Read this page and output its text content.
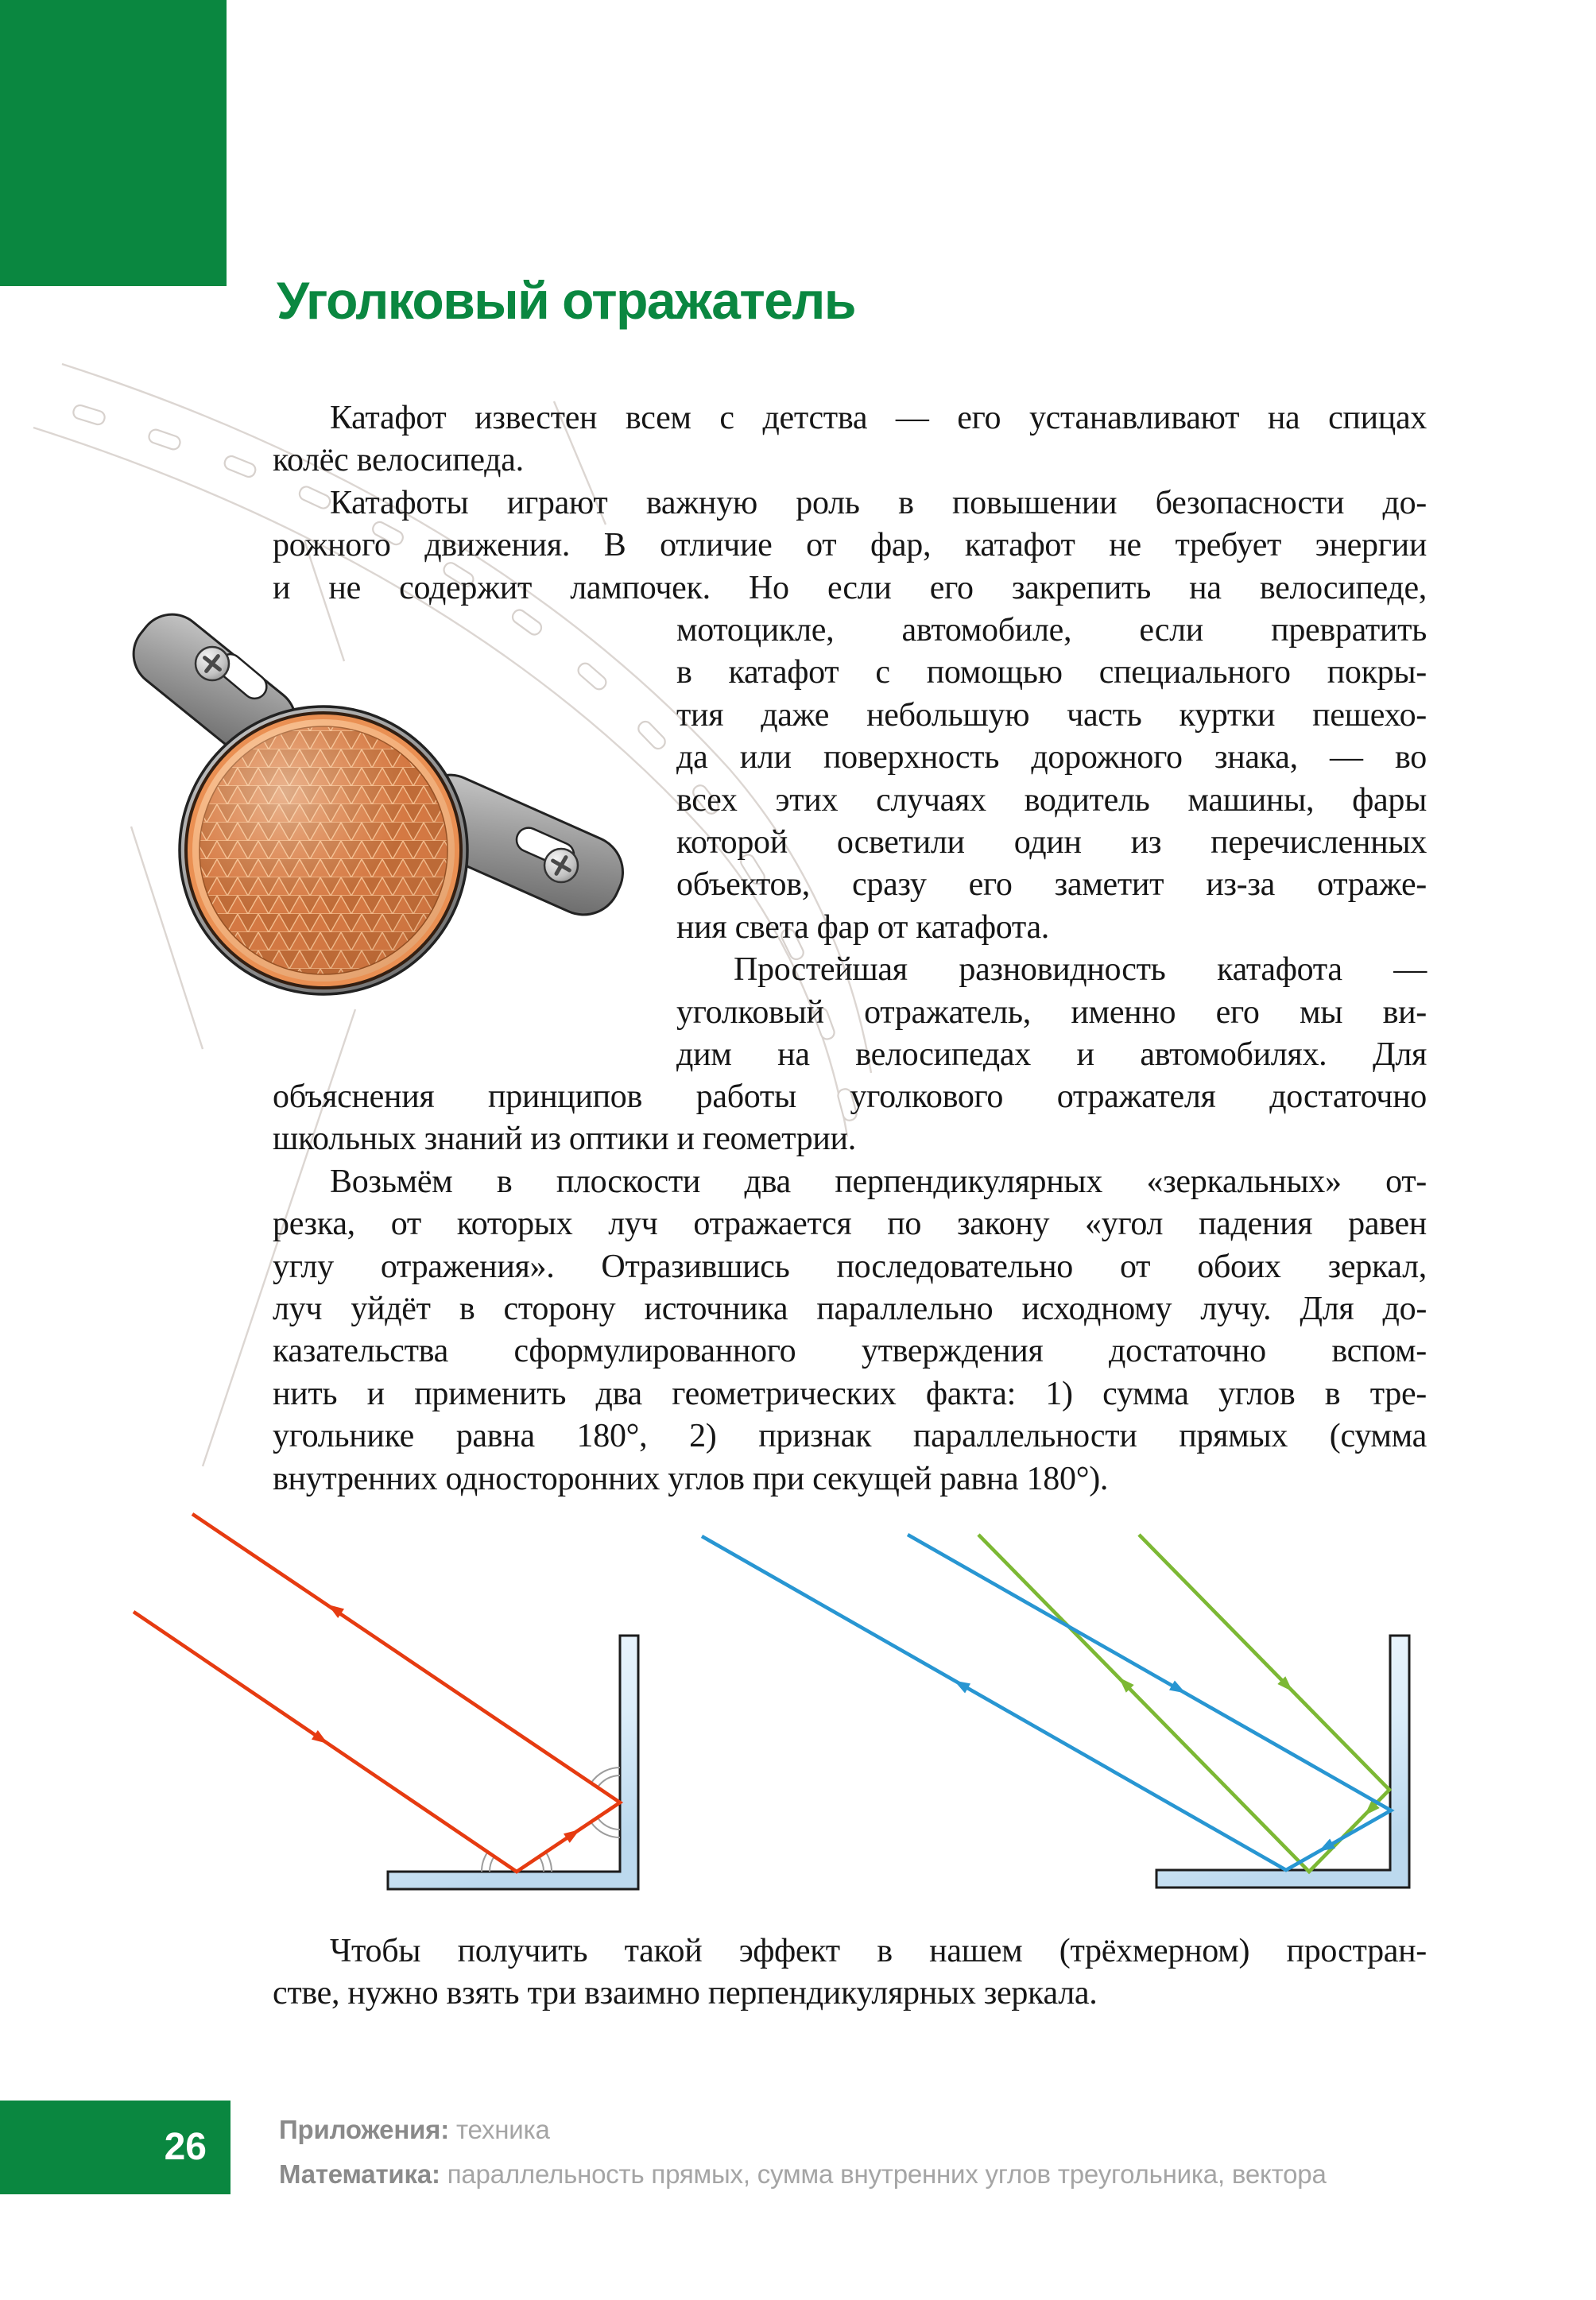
Уголковый отражатель
Катафот известен всем с детства — его устанавливают на спицах
колёс велосипеда.
Катафоты играют важную роль в повышении безопасности до-
рожного движения. В отличие от фар, катафот не требует энергии
и не содержит лампочек. Но если его закрепить на велосипеде,
мотоцикле, автомобиле, если превратить
в катафот с помощью специального покры-
тия даже небольшую часть куртки пешехо-
да или поверхность дорожного знака, — во
всех этих случаях водитель машины, фары
которой осветили один из перечисленных
объектов, сразу его заметит из-за отраже-
ния света фар от катафота.
Простейшая разновидность катафота —
уголковый отражатель, именно его мы ви-
дим на велосипедах и автомобилях. Для
объяснения принципов работы уголкового отражателя достаточно
школьных знаний из оптики и геометрии.
Возьмём в плоскости два перпендикулярных «зеркальных» от-
резка, от которых луч отражается по закону «угол падения равен
углу отражения». Отразившись последовательно от обоих зеркал,
луч уйдёт в сторону источника параллельно исходному лучу. Для до-
казательства сформулированного утверждения достаточно вспом-
нить и применить два геометрических факта: 1) сумма углов в тре-
угольнике равна 180°, 2) признак параллельности прямых (сумма
внутренних односторонних углов при секущей равна 180°).
Чтобы получить такой эффект в нашем (трёхмерном) простран-
стве, нужно взять три взаимно перпендикулярных зеркала.
26	Приложения: техника
Математика: параллельность прямых, сумма внутренних углов треугольника, вектора
